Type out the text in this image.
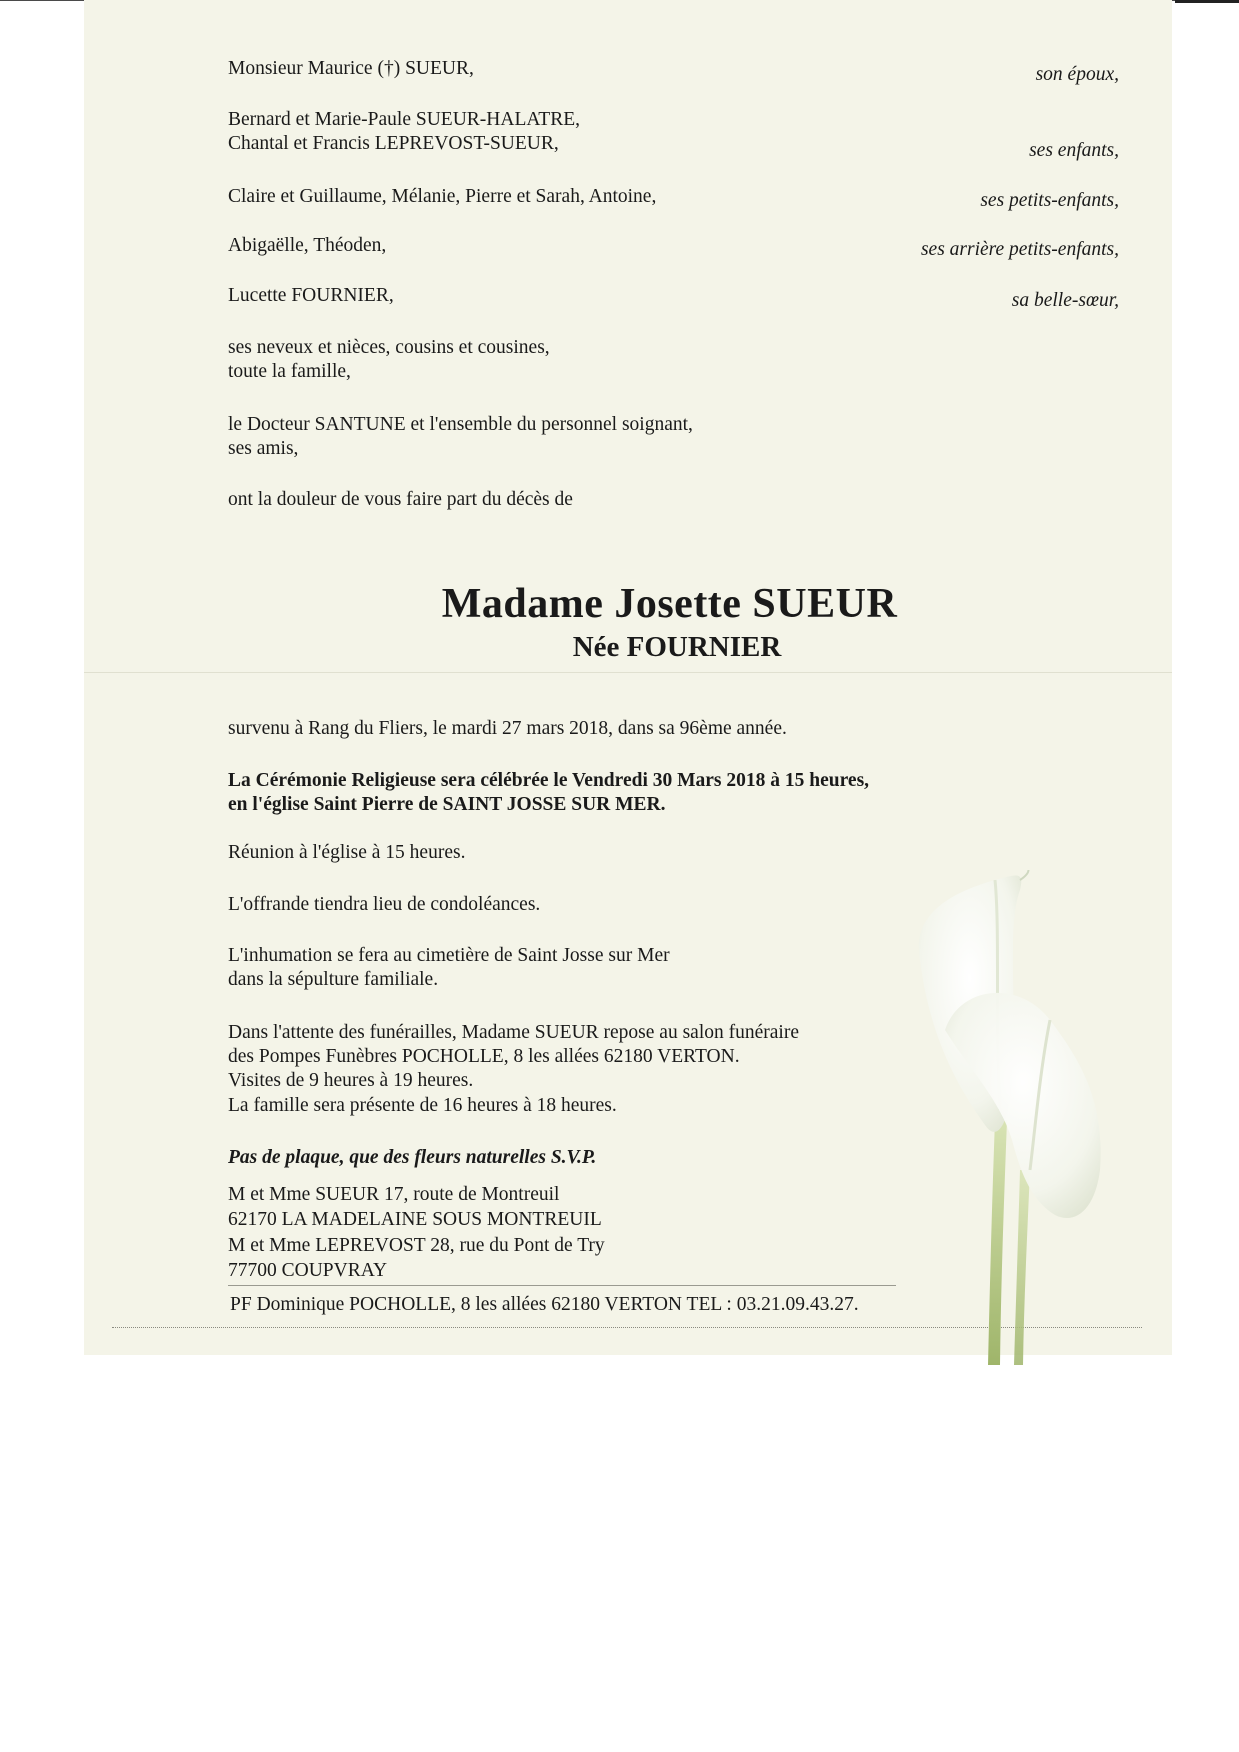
Monsieur Maurice (†) SUEUR,	son époux,
Bernard et Marie-Paule SUEUR-HALATRE,
Chantal et Francis LEPREVOST-SUEUR,	ses enfants,
Claire et Guillaume, Mélanie, Pierre et Sarah, Antoine,	ses petits-enfants,
Abigaëlle, Théoden,	ses arrière petits-enfants,
Lucette FOURNIER,	sa belle-sœur,
ses neveux et nièces, cousins et cousines,
toute la famille,
le Docteur SANTUNE et l'ensemble du personnel soignant,
ses amis,
ont la douleur de vous faire part du décès de
Madame Josette SUEUR
Née FOURNIER
survenu à Rang du Fliers, le mardi 27 mars 2018, dans sa 96ème année.
La Cérémonie Religieuse sera célébrée le Vendredi 30 Mars 2018 à 15 heures,
en l'église Saint Pierre de SAINT JOSSE SUR MER.
Réunion à l'église à 15 heures.
L'offrande tiendra lieu de condoléances.
L'inhumation se fera au cimetière de Saint Josse sur Mer
dans la sépulture familiale.
Dans l'attente des funérailles, Madame SUEUR repose au salon funéraire
des Pompes Funèbres POCHOLLE, 8 les allées 62180 VERTON.
Visites de 9 heures à 19 heures.
La famille sera présente de 16 heures à 18 heures.
Pas de plaque, que des fleurs naturelles S.V.P.
M et Mme SUEUR 17, route de Montreuil
62170 LA MADELAINE SOUS MONTREUIL
M et Mme LEPREVOST 28, rue du Pont de Try
77700 COUPVRAY
PF Dominique POCHOLLE, 8 les allées 62180 VERTON TEL : 03.21.09.43.27.
